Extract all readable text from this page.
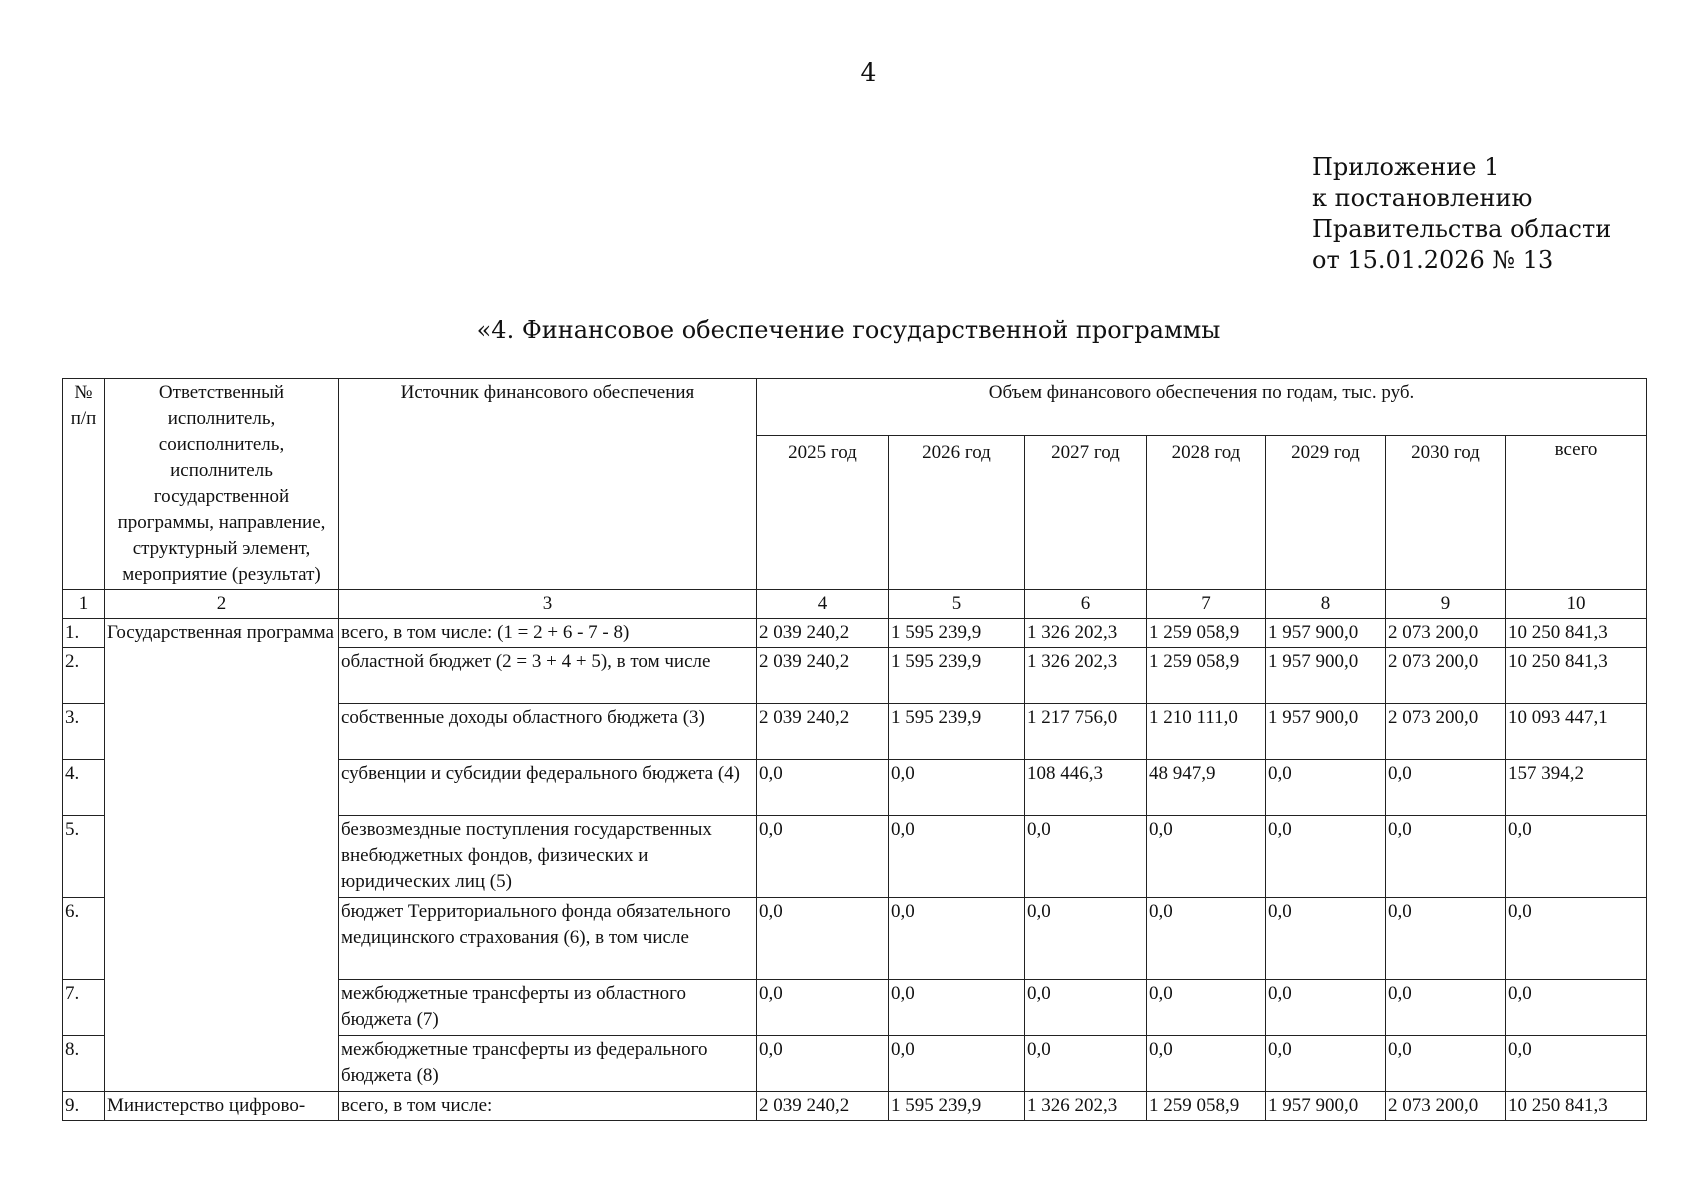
4
Приложение 1
к постановлению
Правительства области
от 15.01.2026 № 13
«4. Финансовое обеспечение государственной программы
№ п/п	Ответственный исполнитель, соисполнитель, исполнитель государственной программы, направление, структурный элемент, мероприятие (результат)	Источник финансового обеспечения	Объем финансового обеспечения по годам, тыс. руб.						
			2025 год	2026 год	2027 год	2028 год	2029 год	2030 год	всего
1	2	3	4	5	6	7	8	9	10
1.	Государственная программа	всего, в том числе: (1 = 2 + 6 - 7 - 8)	2 039 240,2	1 595 239,9	1 326 202,3	1 259 058,9	1 957 900,0	2 073 200,0	10 250 841,3
2.		областной бюджет (2 = 3 + 4 + 5), в том числе	2 039 240,2	1 595 239,9	1 326 202,3	1 259 058,9	1 957 900,0	2 073 200,0	10 250 841,3
3.		собственные доходы областного бюджета (3)	2 039 240,2	1 595 239,9	1 217 756,0	1 210 111,0	1 957 900,0	2 073 200,0	10 093 447,1
4.		субвенции и субсидии федерального бюджета (4)	0,0	0,0	108 446,3	48 947,9	0,0	0,0	157 394,2
5.		безвозмездные поступления государственных внебюджетных фондов, физических и юридических лиц (5)	0,0	0,0	0,0	0,0	0,0	0,0	0,0
6.		бюджет Территориального фонда обязательного медицинского страхования (6), в том числе	0,0	0,0	0,0	0,0	0,0	0,0	0,0
7.		межбюджетные трансферты из областного бюджета (7)	0,0	0,0	0,0	0,0	0,0	0,0	0,0
8.		межбюджетные трансферты из федерального бюджета (8)	0,0	0,0	0,0	0,0	0,0	0,0	0,0
9.	Министерство цифрово-	всего, в том числе:	2 039 240,2	1 595 239,9	1 326 202,3	1 259 058,9	1 957 900,0	2 073 200,0	10 250 841,3
